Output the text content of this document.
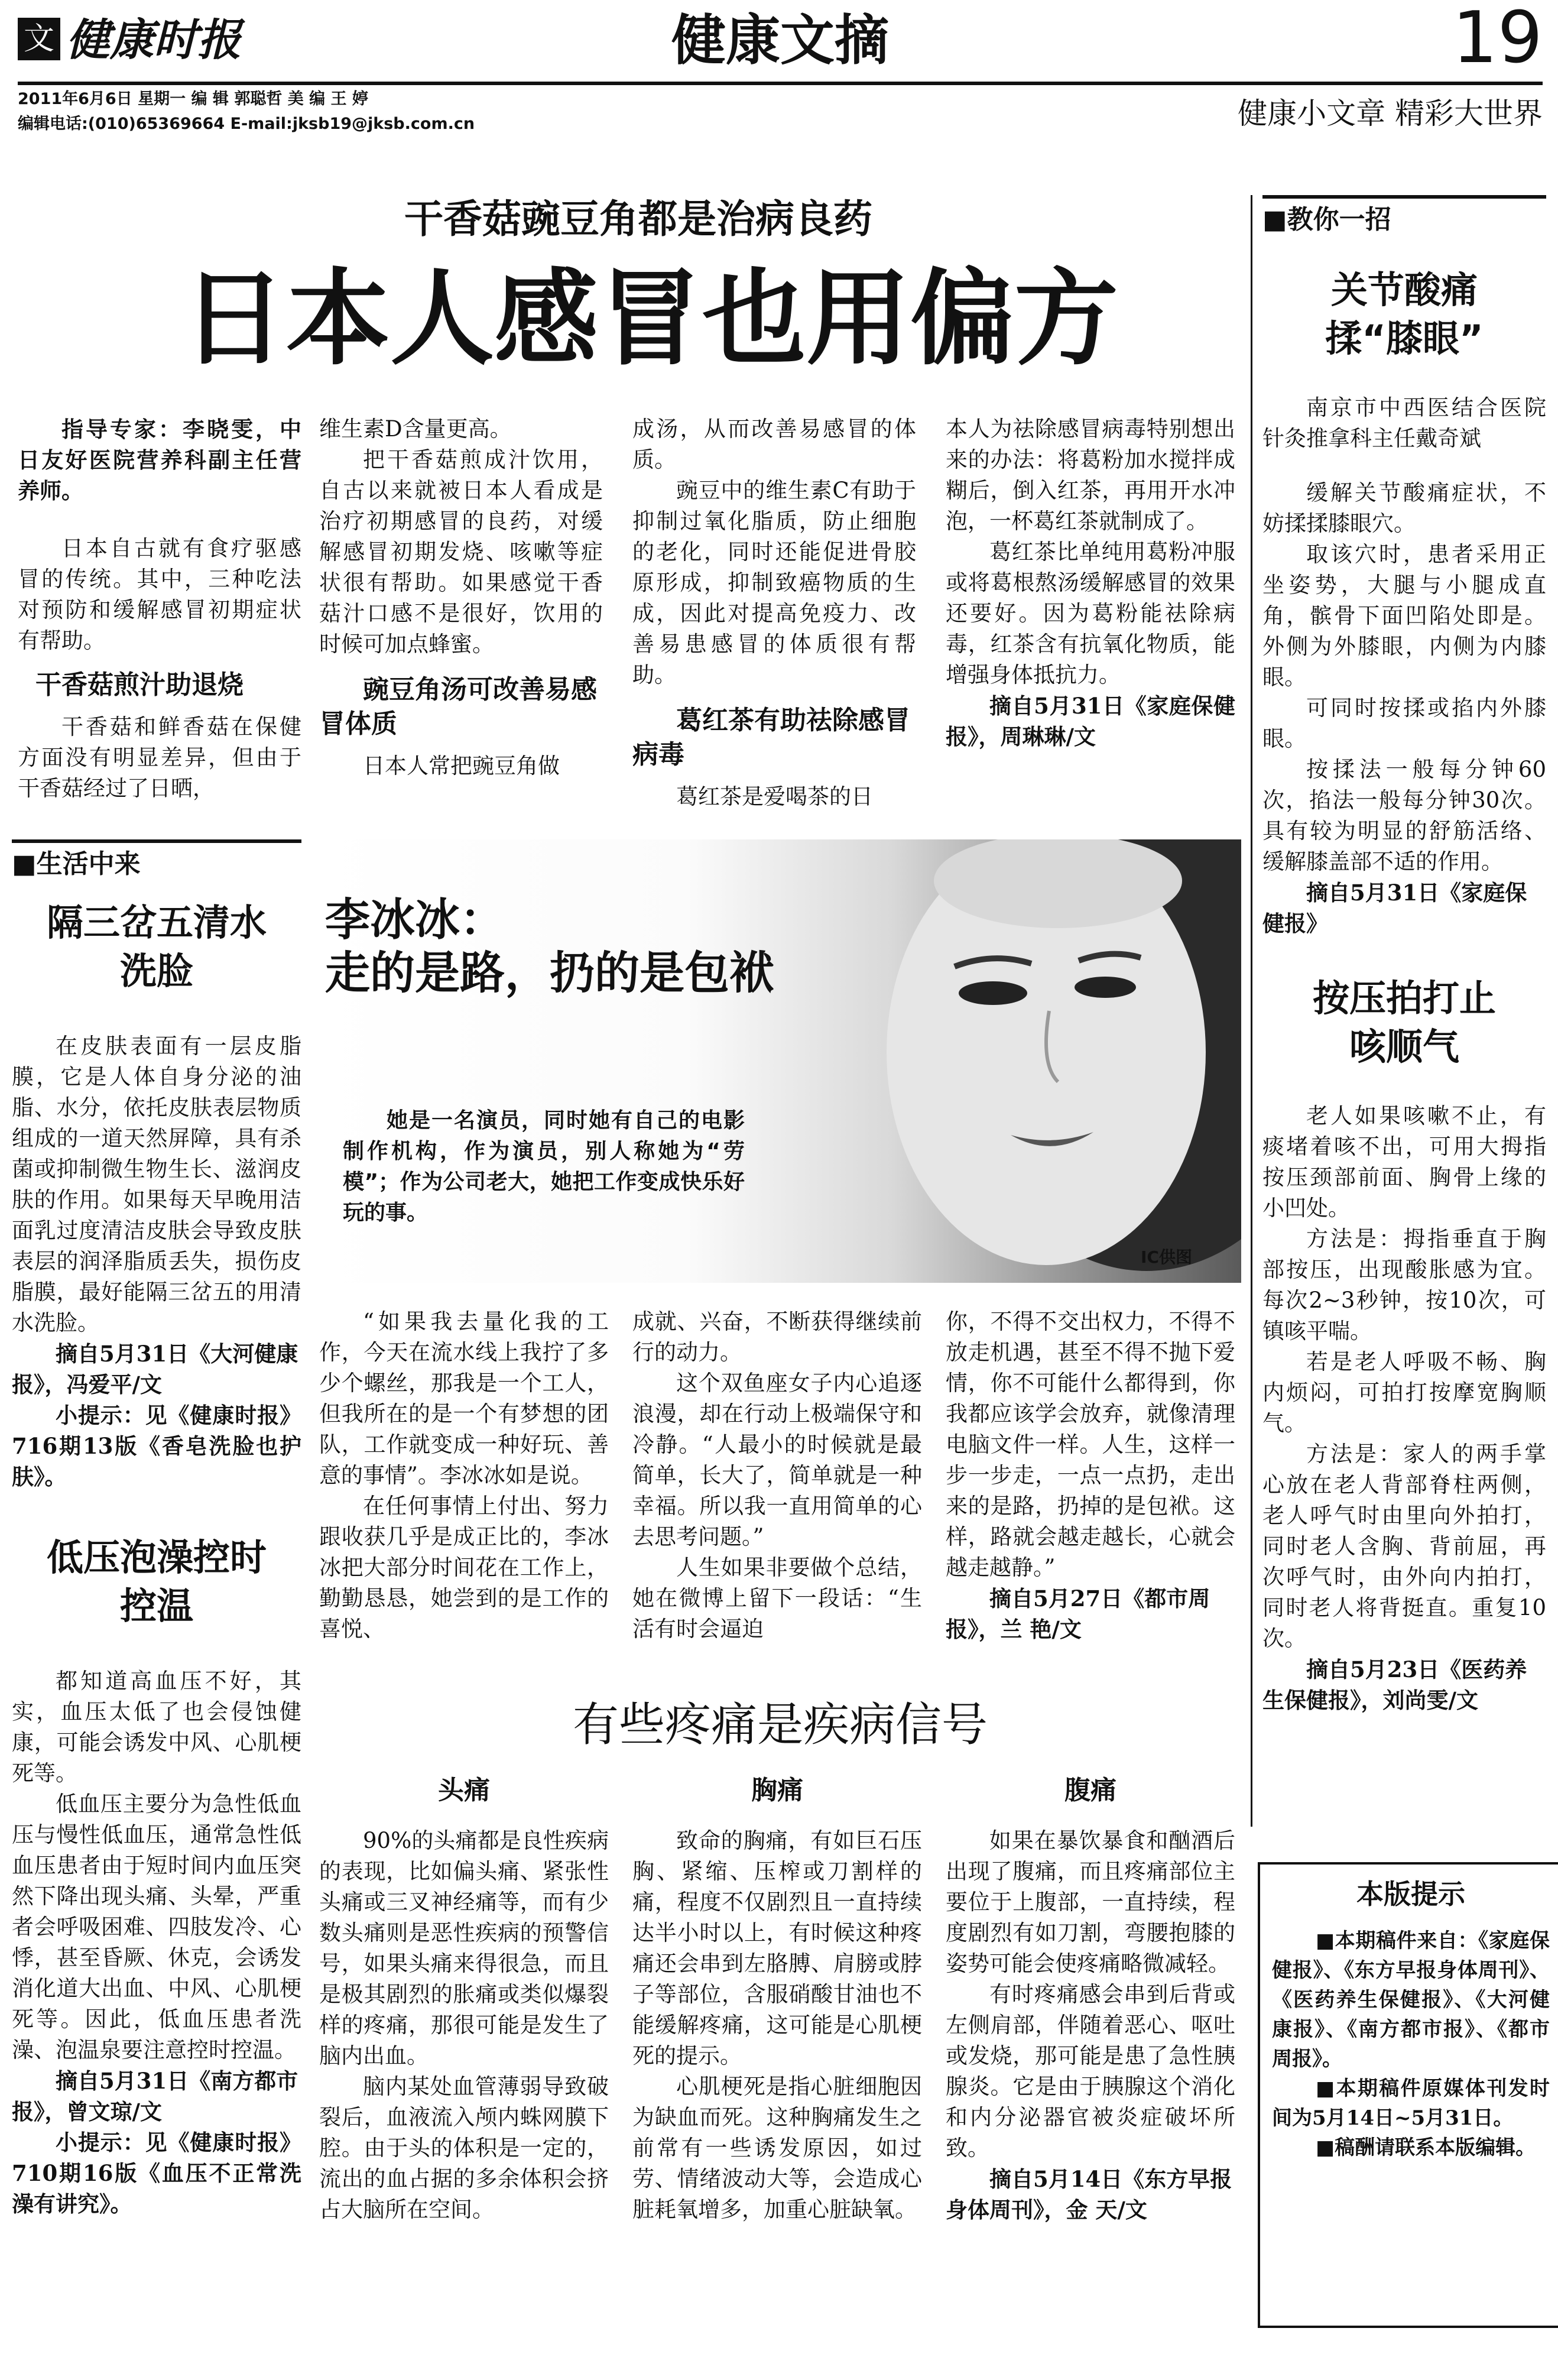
文 健康时报	健康文摘	19
2011年6月6日 星期一 编 辑 郭聪哲 美 编 王 婷
编辑电话:(010)65369664 E-mail:jksb19@jksb.com.cn	健康小文章 精彩大世界
干香菇豌豆角都是治病良药
日本人感冒也用偏方

指导专家：李晓雯，中日友好医院营养科副主任营养师。

日本自古就有食疗驱感冒的传统。其中，三种吃法对预防和缓解感冒初期症状有帮助。

干香菇煎汁助退烧

干香菇和鲜香菇在保健方面没有明显差异，但由于干香菇经过了日晒，

维生素D含量更高。

把干香菇煎成汁饮用，自古以来就被日本人看成是治疗初期感冒的良药，对缓解感冒初期发烧、咳嗽等症状很有帮助。如果感觉干香菇汁口感不是很好，饮用的时候可加点蜂蜜。

豌豆角汤可改善易感冒体质

日本人常把豌豆角做

成汤，从而改善易感冒的体质。

豌豆中的维生素C有助于抑制过氧化脂质，防止细胞的老化，同时还能促进骨胶原形成，抑制致癌物质的生成，因此对提高免疫力、改善易患感冒的体质很有帮助。

葛红茶有助祛除感冒病毒

葛红茶是爱喝茶的日

本人为祛除感冒病毒特别想出来的办法：将葛粉加水搅拌成糊后，倒入红茶，再用开水冲泡，一杯葛红茶就制成了。

葛红茶比单纯用葛粉冲服或将葛根熬汤缓解感冒的效果还要好。因为葛粉能祛除病毒，红茶含有抗氧化物质，能增强身体抵抗力。

摘自5月31日《家庭保健报》，周琳琳/文

■生活中来
隔三岔五清水洗脸

在皮肤表面有一层皮脂膜，它是人体自身分泌的油脂、水分，依托皮肤表层物质组成的一道天然屏障，具有杀菌或抑制微生物生长、滋润皮肤的作用。如果每天早晚用洁面乳过度清洁皮肤会导致皮肤表层的润泽脂质丢失，损伤皮脂膜，最好能隔三岔五的用清水洗脸。

摘自5月31日《大河健康报》，冯爱平/文

小提示：见《健康时报》716期13版《香皂洗脸也护肤》。

低压泡澡控时控温

都知道高血压不好，其实，血压太低了也会侵蚀健康，可能会诱发中风、心肌梗死等。

低血压主要分为急性低血压与慢性低血压，通常急性低血压患者由于短时间内血压突然下降出现头痛、头晕，严重者会呼吸困难、四肢发冷、心悸，甚至昏厥、休克，会诱发消化道大出血、中风、心肌梗死等。因此，低血压患者洗澡、泡温泉要注意控时控温。

摘自5月31日《南方都市报》，曾文琼/文

小提示：见《健康时报》710期16版《血压不正常洗澡有讲究》。

李冰冰：
走的是路，扔的是包袱
她是一名演员，同时她有自己的电影制作机构，作为演员，别人称她为“劳模”；作为公司老大，她把工作变成快乐好玩的事。
IC供图

“如果我去量化我的工作，今天在流水线上我拧了多少个螺丝，那我是一个工人，但我所在的是一个有梦想的团队，工作就变成一种好玩、善意的事情”。李冰冰如是说。

在任何事情上付出、努力跟收获几乎是成正比的，李冰冰把大部分时间花在工作上，勤勤恳恳，她尝到的是工作的喜悦、

成就、兴奋，不断获得继续前行的动力。

这个双鱼座女子内心追逐浪漫，却在行动上极端保守和冷静。“人最小的时候就是最简单，长大了，简单就是一种幸福。所以我一直用简单的心去思考问题。”

人生如果非要做个总结，她在微博上留下一段话：“生活有时会逼迫

你，不得不交出权力，不得不放走机遇，甚至不得不抛下爱情，你不可能什么都得到，你我都应该学会放弃，就像清理电脑文件一样。人生，这样一步一步走，一点一点扔，走出来的是路，扔掉的是包袱。这样，路就会越走越长，心就会越走越静。”

摘自5月27日《都市周报》，兰 艳/文

有些疼痛是疾病信号
头痛

90%的头痛都是良性疾病的表现，比如偏头痛、紧张性头痛或三叉神经痛等，而有少数头痛则是恶性疾病的预警信号，如果头痛来得很急，而且是极其剧烈的胀痛或类似爆裂样的疼痛，那很可能是发生了脑内出血。

脑内某处血管薄弱导致破裂后，血液流入颅内蛛网膜下腔。由于头的体积是一定的，流出的血占据的多余体积会挤占大脑所在空间。

胸痛

致命的胸痛，有如巨石压胸、紧缩、压榨或刀割样的痛，程度不仅剧烈且一直持续达半小时以上，有时候这种疼痛还会串到左胳膊、肩膀或脖子等部位，含服硝酸甘油也不能缓解疼痛，这可能是心肌梗死的提示。

心肌梗死是指心脏细胞因为缺血而死。这种胸痛发生之前常有一些诱发原因，如过劳、情绪波动大等，会造成心脏耗氧增多，加重心脏缺氧。

腹痛

如果在暴饮暴食和酗酒后出现了腹痛，而且疼痛部位主要位于上腹部，一直持续，程度剧烈有如刀割，弯腰抱膝的姿势可能会使疼痛略微减轻。

有时疼痛感会串到后背或左侧肩部，伴随着恶心、呕吐或发烧，那可能是患了急性胰腺炎。它是由于胰腺这个消化和内分泌器官被炎症破坏所致。

摘自5月14日《东方早报身体周刊》，金 天/文

■教你一招
关节酸痛揉“膝眼”

南京市中西医结合医院针灸推拿科主任戴奇斌

缓解关节酸痛症状，不妨揉揉膝眼穴。

取该穴时，患者采用正坐姿势，大腿与小腿成直角，髌骨下面凹陷处即是。外侧为外膝眼，内侧为内膝眼。

可同时按揉或掐内外膝眼。

按揉法一般每分钟60次，掐法一般每分钟30次。具有较为明显的舒筋活络、缓解膝盖部不适的作用。

摘自5月31日《家庭保健报》

按压拍打止咳顺气

老人如果咳嗽不止，有痰堵着咳不出，可用大拇指按压颈部前面、胸骨上缘的小凹处。

方法是：拇指垂直于胸部按压，出现酸胀感为宜。每次2~3秒钟，按10次，可镇咳平喘。

若是老人呼吸不畅、胸内烦闷，可拍打按摩宽胸顺气。

方法是：家人的两手掌心放在老人背部脊柱两侧，老人呼气时由里向外拍打，同时老人含胸、背前屈，再次呼气时，由外向内拍打，同时老人将背挺直。重复10次。

摘自5月23日《医药养生保健报》，刘尚雯/文

本版提示

■本期稿件来自：《家庭保健报》、《东方早报身体周刊》、《医药养生保健报》、《大河健康报》、《南方都市报》、《都市周报》。

■本期稿件原媒体刊发时间为5月14日~5月31日。

■稿酬请联系本版编辑。
